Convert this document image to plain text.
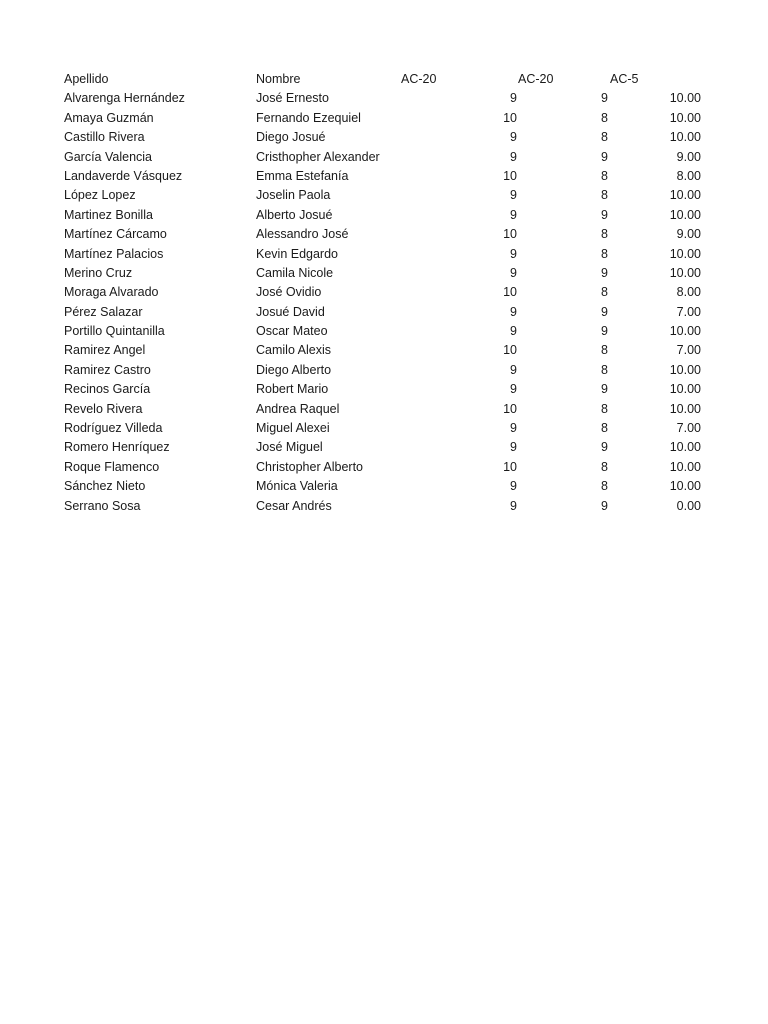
Apellido	Nombre	AC-20	AC-20	AC-5
Alvarenga Hernández	José Ernesto	9	9	10.00
Amaya Guzmán	Fernando Ezequiel	10	8	10.00
Castillo Rivera	Diego Josué	9	8	10.00
García Valencia	Cristhopher Alexander	9	9	9.00
Landaverde Vásquez	Emma Estefanía	10	8	8.00
López Lopez	Joselin Paola	9	8	10.00
Martinez Bonilla	Alberto Josué	9	9	10.00
Martínez Cárcamo	Alessandro José	10	8	9.00
Martínez Palacios	Kevin Edgardo	9	8	10.00
Merino Cruz	Camila Nicole	9	9	10.00
Moraga Alvarado	José Ovidio	10	8	8.00
Pérez Salazar	Josué David	9	9	7.00
Portillo Quintanilla	Oscar Mateo	9	9	10.00
Ramirez Angel	Camilo Alexis	10	8	7.00
Ramirez Castro	Diego Alberto	9	8	10.00
Recinos García	Robert Mario	9	9	10.00
Revelo Rivera	Andrea Raquel	10	8	10.00
Rodríguez Villeda	Miguel Alexei	9	8	7.00
Romero Henríquez	José Miguel	9	9	10.00
Roque Flamenco	Christopher Alberto	10	8	10.00
Sánchez Nieto	Mónica Valeria	9	8	10.00
Serrano Sosa	Cesar Andrés	9	9	0.00
